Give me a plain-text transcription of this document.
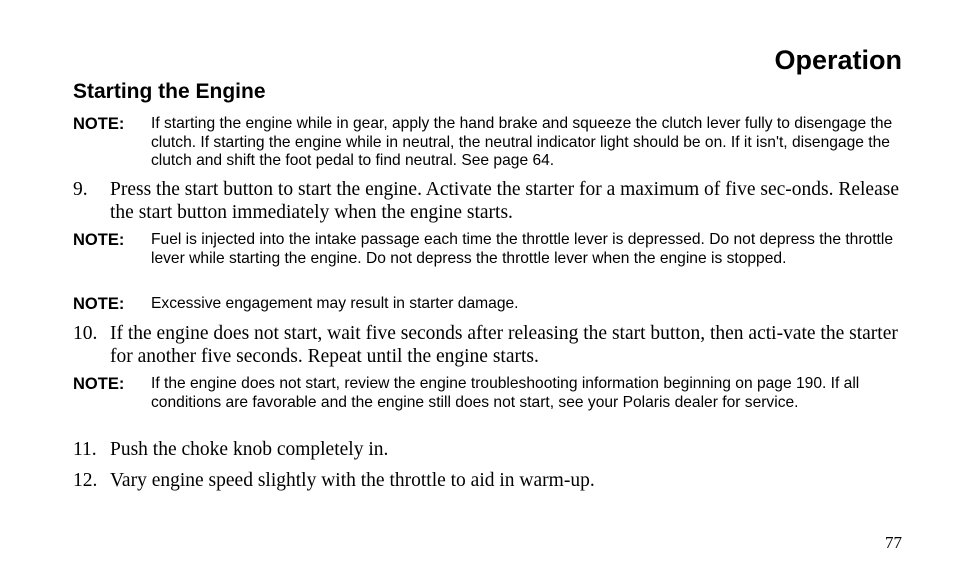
Operation
Starting the Engine
NOTE:	If starting the engine while in gear, apply the hand brake and squeeze the clutch lever fully to disengage the clutch. If starting the engine while in neutral, the neutral indicator light should be on. If it isn't, disengage the clutch and shift the foot pedal to find neutral. See page 64.
9.	Press the start button to start the engine. Activate the starter for a maximum of five sec-onds. Release the start button immediately when the engine starts.
NOTE:	Fuel is injected into the intake passage each time the throttle lever is depressed. Do not depress the throttle lever while starting the engine. Do not depress the throttle lever when the engine is stopped.
NOTE:	Excessive engagement may result in starter damage.
10. If the engine does not start, wait five seconds after releasing the start button, then acti-vate the starter for another five seconds. Repeat until the engine starts.
NOTE:	If the engine does not start, review the engine troubleshooting information beginning on page 190. If all conditions are favorable and the engine still does not start, see your Polaris dealer for service.
11. Push the choke knob completely in.
12. Vary engine speed slightly with the throttle to aid in warm-up.
77
